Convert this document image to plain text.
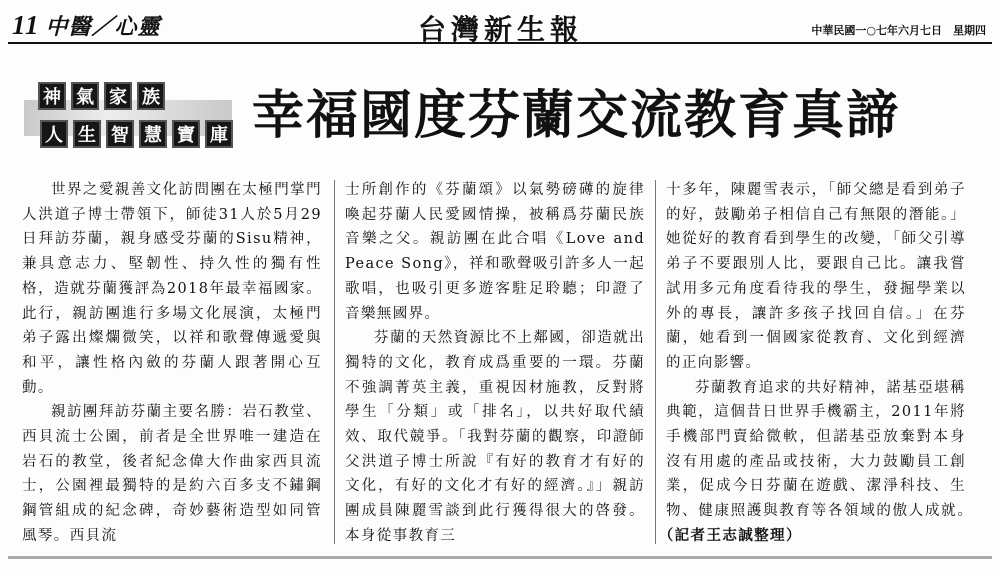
11 中醫／心靈	台灣新生報	中華民國一○七年六月七日　星期四
神 氣 家 族
人 生 智 慧 寶 庫 幸福國度芬蘭交流教育真諦

世界之愛親善文化訪問團在太極門掌門人洪道子博士帶領下，師徒31人於5月29日拜訪芬蘭，親身感受芬蘭的Sisu精神，兼具意志力、堅韌性、持久性的獨有性格，造就芬蘭獲評為2018年最幸福國家。此行，親訪團進行多場文化展演，太極門弟子露出燦爛微笑，以祥和歌聲傳遞愛與和平，讓性格內斂的芬蘭人跟著開心互動。

親訪團拜訪芬蘭主要名勝：岩石教堂、西貝流士公園，前者是全世界唯一建造在岩石的教堂，後者紀念偉大作曲家西貝流士，公園裡最獨特的是約六百多支不鏽鋼鋼管組成的紀念碑，奇妙藝術造型如同管風琴。西貝流

士所創作的《芬蘭頌》以氣勢磅礡的旋律喚起芬蘭人民愛國情操，被稱爲芬蘭民族音樂之父。親訪團在此合唱《Love and Peace Song》，祥和歌聲吸引許多人一起歌唱，也吸引更多遊客駐足聆聽；印證了音樂無國界。

芬蘭的天然資源比不上鄰國，卻造就出獨特的文化，教育成爲重要的一環。芬蘭不強調菁英主義，重視因材施教，反對將學生「分類」或「排名」，以共好取代績效、取代競爭。「我對芬蘭的觀察，印證師父洪道子博士所說『有好的教育才有好的文化，有好的文化才有好的經濟。』」親訪團成員陳麗雪談到此行獲得很大的啓發。本身從事教育三

十多年，陳麗雪表示，「師父總是看到弟子的好，鼓勵弟子相信自己有無限的潛能。」她從好的教育看到學生的改變，「師父引導弟子不要跟別人比，要跟自己比。讓我嘗試用多元角度看待我的學生，發掘學業以外的專長，讓許多孩子找回自信。」在芬蘭，她看到一個國家從教育、文化到經濟的正向影響。

芬蘭教育追求的共好精神，諾基亞堪稱典範，這個昔日世界手機霸主，2011年將手機部門賣給微軟，但諾基亞放棄對本身沒有用處的產品或技術，大力鼓勵員工創業，促成今日芬蘭在遊戲、潔淨科技、生物、健康照護與教育等各領域的傲人成就。　（記者王志誠整理）
